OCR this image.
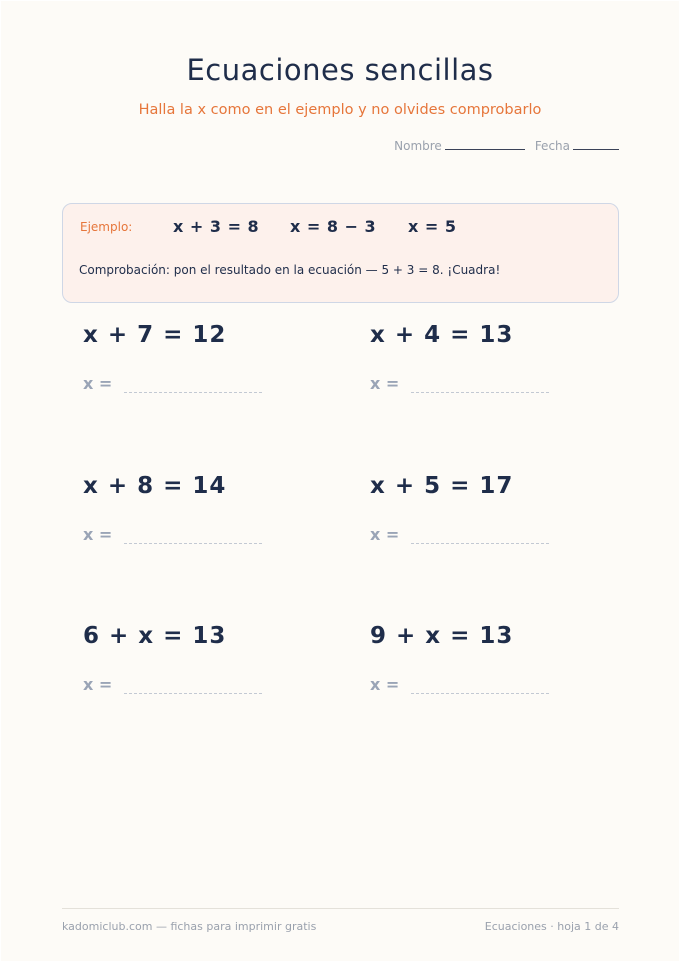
Ecuaciones sencillas
Halla la x como en el ejemplo y no olvides comprobarlo
Nombre	Fecha
Ejemplo:	x + 3 = 8 x = 8 − 3 x = 5
Comprobación: pon el resultado en la ecuación — 5 + 3 = 8. ¡Cuadra!
x + 7 = 12
x =
x + 4 = 13
x =
x + 8 = 14
x =
x + 5 = 17
x =
6 + x = 13
x =
9 + x = 13
x =
kadomiclub.com — fichas para imprimir gratis	Ecuaciones · hoja 1 de 4
